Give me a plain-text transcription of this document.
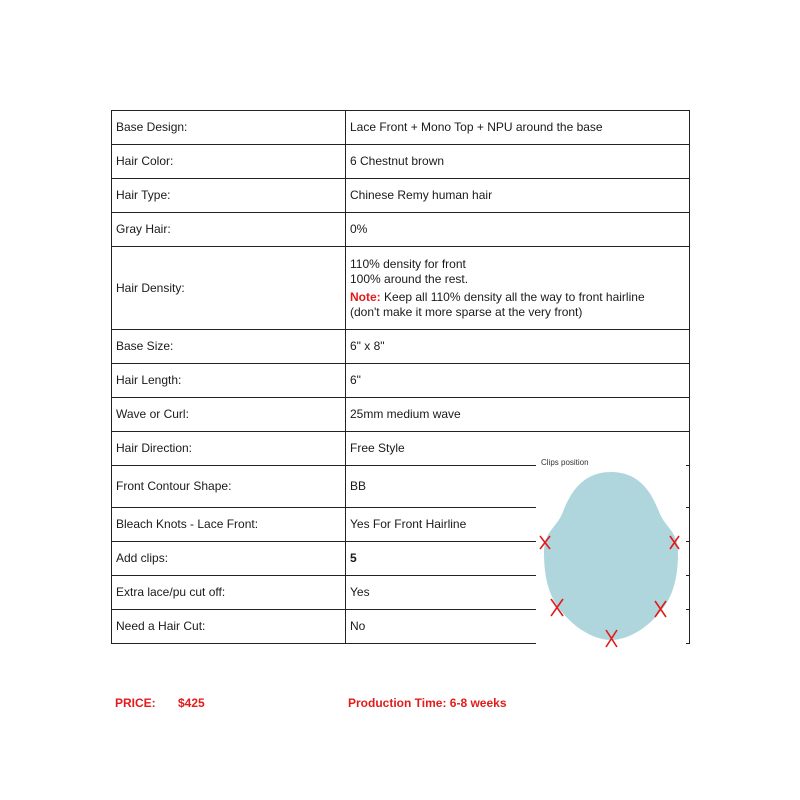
Base Design:	Lace Front + Mono Top + NPU around the base
Hair Color:	6 Chestnut brown
Hair Type:	Chinese Remy human hair
Gray Hair:	0%
Hair Density:	110% density for front
100% around the rest.
Note: Keep all 110% density all the way to front hairline
(don't make it more sparse at the very front)

Base Size:	6" x 8"
Hair Length:	6"
Wave or Curl:	25mm medium wave
Hair Direction:	Free Style
Front Contour Shape:	BB
Bleach Knots - Lace Front:	Yes For Front Hairline
Add clips:	5
Extra lace/pu cut off:	Yes
Need a Hair Cut:	No
Clips position
PRICE: $425	Production Time: 6-8 weeks
